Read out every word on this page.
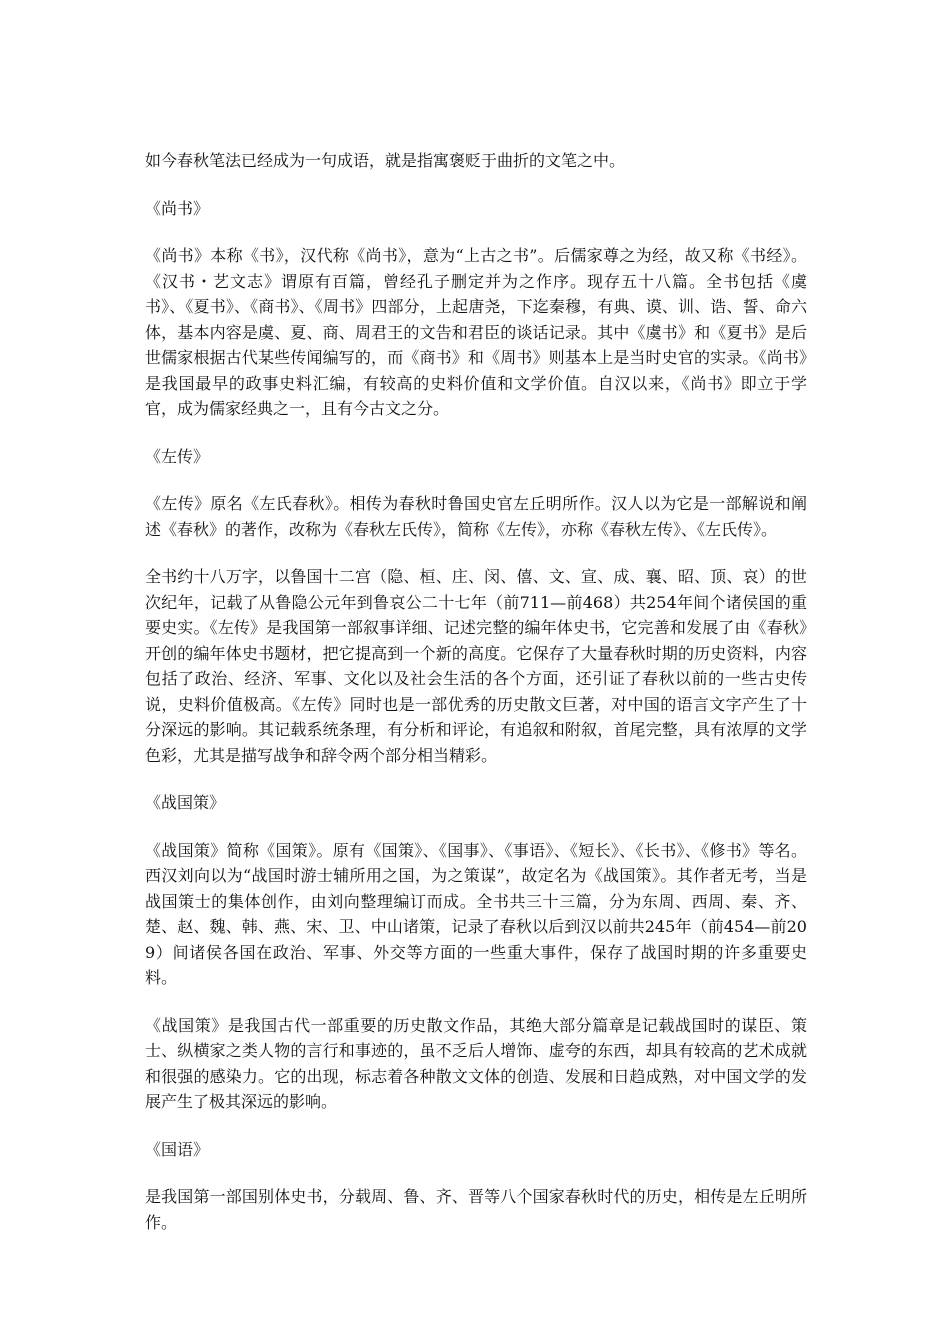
如今春秋笔法已经成为一句成语，就是指寓褒贬于曲折的文笔之中。

《尚书》

《尚书》本称《书》，汉代称《尚书》，意为“上古之书”。后儒家尊之为经，故又称《书经》。《汉书・艺文志》谓原有百篇，曾经孔子删定并为之作序。现存五十八篇。全书包括《虞书》、《夏书》、《商书》、《周书》四部分，上起唐尧，下迄秦穆，有典、谟、训、诰、誓、命六体，基本内容是虞、夏、商、周君王的文告和君臣的谈话记录。其中《虞书》和《夏书》是后世儒家根据古代某些传闻编写的，而《商书》和《周书》则基本上是当时史官的实录。《尚书》是我国最早的政事史料汇编，有较高的史料价值和文学价值。自汉以来，《尚书》即立于学官，成为儒家经典之一，且有今古文之分。

《左传》

《左传》原名《左氏春秋》。相传为春秋时鲁国史官左丘明所作。汉人以为它是一部解说和阐述《春秋》的著作，改称为《春秋左氏传》，简称《左传》，亦称《春秋左传》、《左氏传》。

全书约十八万字，以鲁国十二宫（隐、桓、庄、闵、僖、文、宣、成、襄、昭、顶、哀）的世次纪年，记载了从鲁隐公元年到鲁哀公二十七年（前711—前468）共254年间个诸侯国的重要史实。《左传》是我国第一部叙事详细、记述完整的编年体史书，它完善和发展了由《春秋》开创的编年体史书题材，把它提高到一个新的高度。它保存了大量春秋时期的历史资料，内容包括了政治、经济、军事、文化以及社会生活的各个方面，还引证了春秋以前的一些古史传说，史料价值极高。《左传》同时也是一部优秀的历史散文巨著，对中国的语言文字产生了十分深远的影响。其记载系统条理，有分析和评论，有追叙和附叙，首尾完整，具有浓厚的文学色彩，尤其是描写战争和辞令两个部分相当精彩。

《战国策》

《战国策》简称《国策》。原有《国策》、《国事》、《事语》、《短长》、《长书》、《修书》等名。西汉刘向以为“战国时游士辅所用之国，为之策谋”，故定名为《战国策》。其作者无考，当是战国策士的集体创作，由刘向整理编订而成。全书共三十三篇，分为东周、西周、秦、齐、楚、赵、魏、韩、燕、宋、卫、中山诸策，记录了春秋以后到汉以前共245年（前454—前209）间诸侯各国在政治、军事、外交等方面的一些重大事件，保存了战国时期的许多重要史料。

《战国策》是我国古代一部重要的历史散文作品，其绝大部分篇章是记载战国时的谋臣、策士、纵横家之类人物的言行和事迹的，虽不乏后人增饰、虚夸的东西，却具有较高的艺术成就和很强的感染力。它的出现，标志着各种散文文体的创造、发展和日趋成熟，对中国文学的发展产生了极其深远的影响。

《国语》

是我国第一部国别体史书，分载周、鲁、齐、晋等八个国家春秋时代的历史，相传是左丘明所作。
